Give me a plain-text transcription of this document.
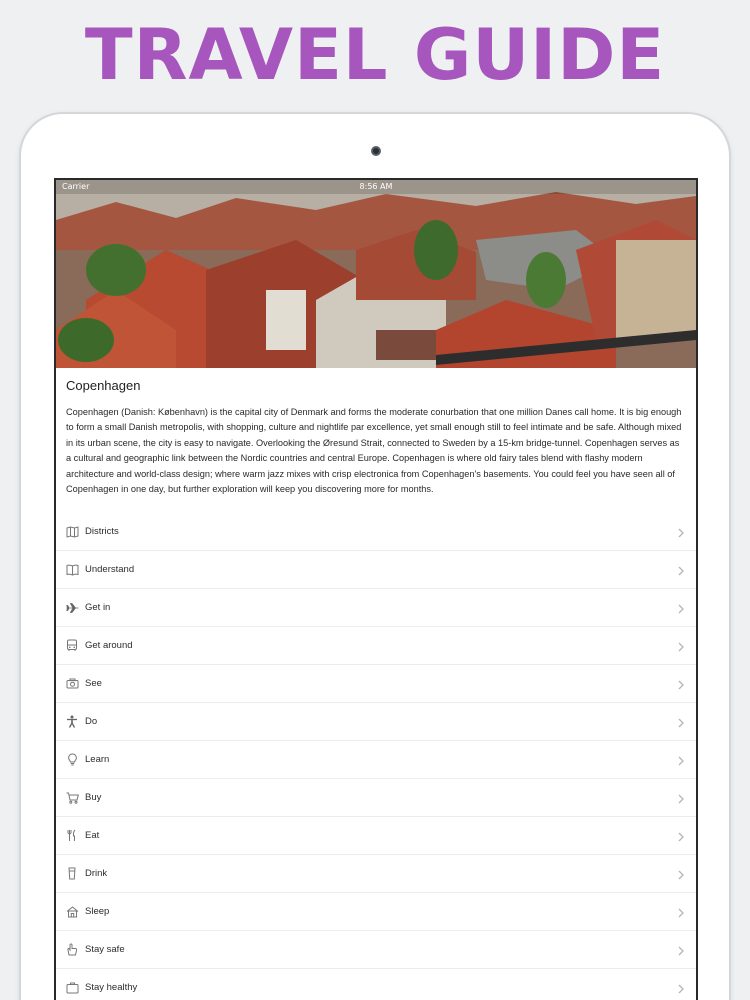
TRAVEL GUIDE
Carrier	8:56 AM
Copenhagen
Copenhagen (Danish: København) is the capital city of Denmark and forms the moderate conurbation that one million Danes call home. It is big enough to form a small Danish metropolis, with shopping, culture and nightlife par excellence, yet small enough still to feel intimate and be safe. Although mixed in its urban scene, the city is easy to navigate. Overlooking the Øresund Strait, connected to Sweden by a 15-km bridge-tunnel. Copenhagen serves as a cultural and geographic link between the Nordic countries and central Europe. Copenhagen is where old fairy tales blend with flashy modern architecture and world-class design; where warm jazz mixes with crisp electronica from Copenhagen's basements. You could feel you have seen all of Copenhagen in one day, but further exploration will keep you discovering more for months.
Districts
Understand
Get in
Get around
See
Do
Learn
Buy
Eat
Drink
Sleep
Stay safe
Stay healthy
